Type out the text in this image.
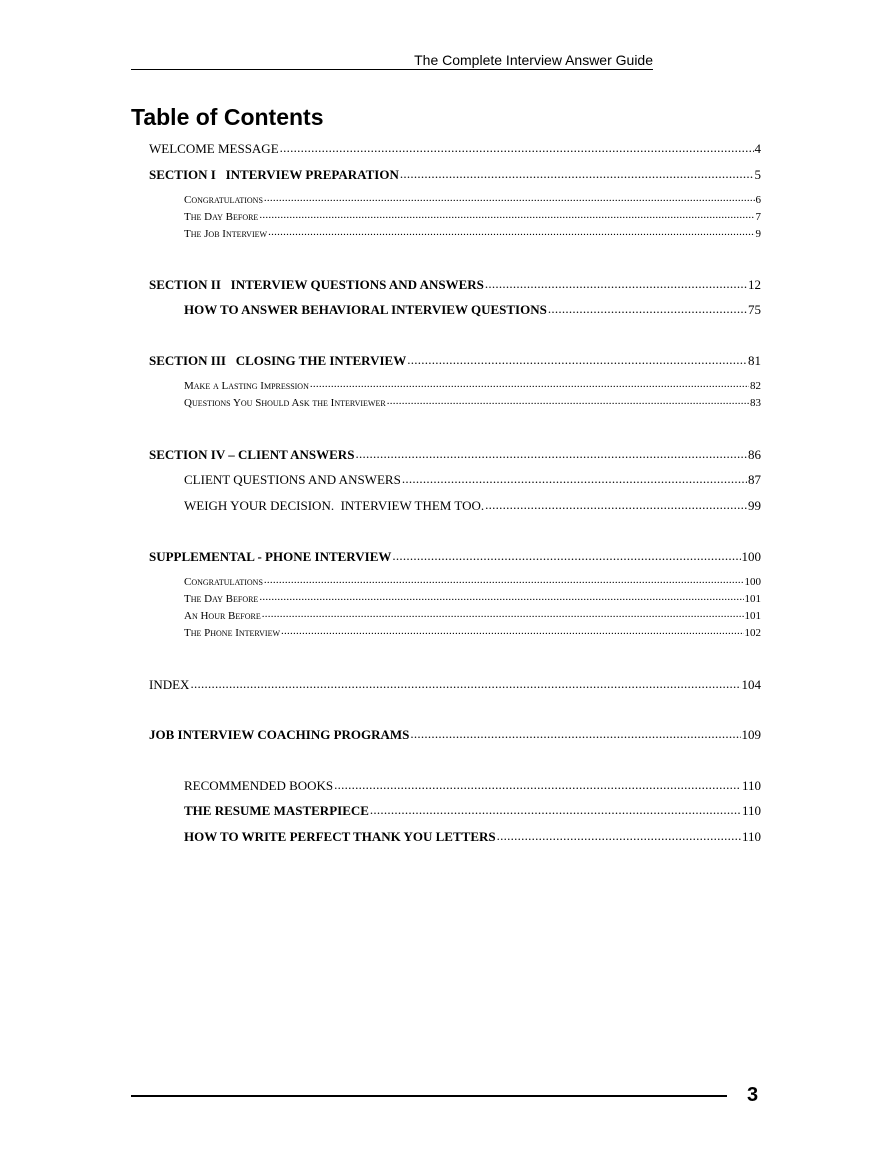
The Complete Interview Answer Guide
Table of Contents
WELCOME MESSAGE .....	4
SECTION I   INTERVIEW PREPARATION .....	5
Congratulations .....	6
The Day Before .....	7
The Job Interview .....	9
SECTION II   INTERVIEW QUESTIONS AND ANSWERS .....	12
HOW TO ANSWER BEHAVIORAL INTERVIEW QUESTIONS .....	75
SECTION III   CLOSING THE INTERVIEW .....	81
Make a Lasting Impression .....	82
Questions You Should Ask the Interviewer .....	83
SECTION IV – CLIENT ANSWERS .....	86
CLIENT QUESTIONS AND ANSWERS .....	87
WEIGH YOUR DECISION.  INTERVIEW THEM TOO. .....	99
SUPPLEMENTAL - PHONE INTERVIEW .....	100
Congratulations .....	100
The Day Before .....	101
An Hour Before .....	101
The Phone Interview .....	102
INDEX .....	104
JOB INTERVIEW COACHING PROGRAMS .....	109
RECOMMENDED BOOKS .....	110
THE RESUME MASTERPIECE .....	110
HOW TO WRITE PERFECT THANK YOU LETTERS .....	110
3
